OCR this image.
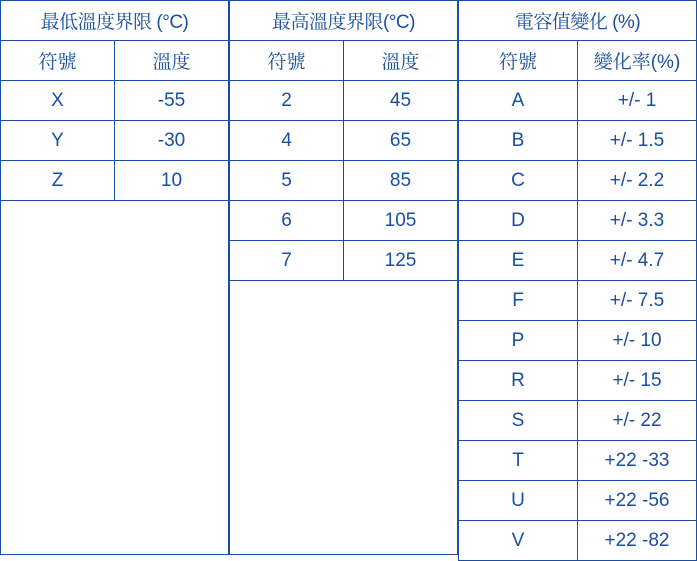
最低溫度界限 (°C)	
符號	溫度
X	-55
Y	-30
Z	10

最高溫度界限(°C)	
符號	溫度
2	45
4	65
5	85
6	105
7	125

電容值變化 (%)	
符號	變化率(%)
A	+/- 1
B	+/- 1.5
C	+/- 2.2
D	+/- 3.3
E	+/- 4.7
F	+/- 7.5
P	+/- 10
R	+/- 15
S	+/- 22
T	+22 -33
U	+22 -56
V	+22 -82
